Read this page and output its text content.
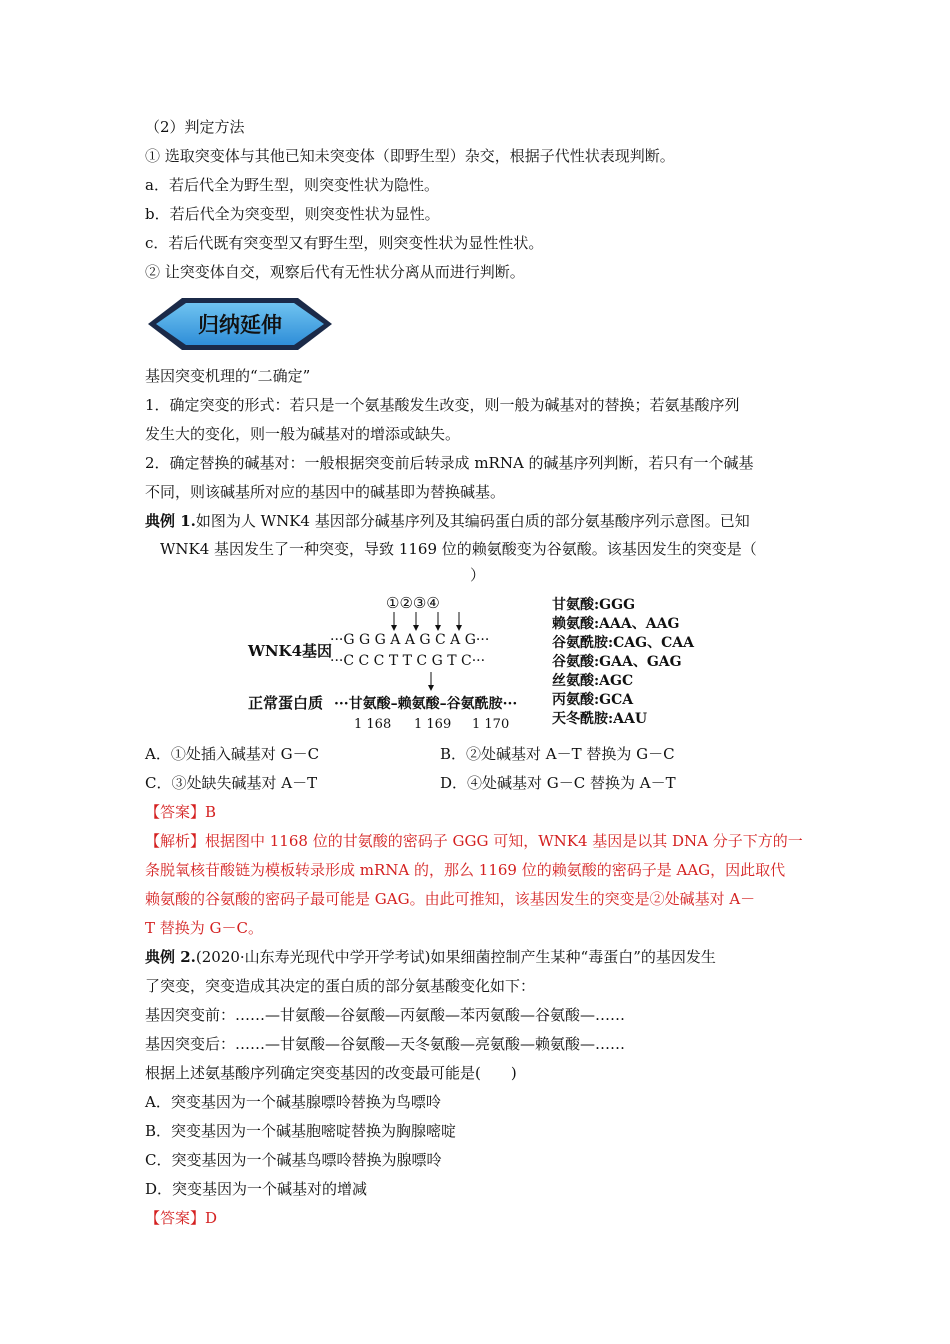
（2）判定方法
① 选取突变体与其他已知未突变体（即野生型）杂交，根据子代性状表现判断。
a．若后代全为野生型，则突变性状为隐性。
b．若后代全为突变型，则突变性状为显性。
c．若后代既有突变型又有野生型，则突变性状为显性性状。
② 让突变体自交，观察后代有无性状分离从而进行判断。
归纳延伸
基因突变机理的“二确定”
1．确定突变的形式：若只是一个氨基酸发生改变，则一般为碱基对的替换；若氨基酸序列
发生大的变化，则一般为碱基对的增添或缺失。
2．确定替换的碱基对：一般根据突变前后转录成 mRNA 的碱基序列判断，若只有一个碱基
不同，则该碱基所对应的基因中的碱基即为替换碱基。
典例 1.如图为人 WNK4 基因部分碱基序列及其编码蛋白质的部分氨基酸序列示意图。已知
WNK4 基因发生了一种突变，导致 1169 位的赖氨酸变为谷氨酸。该基因发生的突变是（
）
①②③④
WNK4基因
···G G G A A G C A G···
···C C C T T C G T C···
正常蛋白质 ···甘氨酸–赖氨酸–谷氨酰胺···
1 168 1 169 1 170
甘氨酸:GGG
赖氨酸:AAA、AAG
谷氨酰胺:CAG、CAA
谷氨酸:GAA、GAG
丝氨酸:AGC
丙氨酸:GCA
天冬酰胺:AAU
A．①处插入碱基对 G－C	B．②处碱基对 A－T 替换为 G－C
C．③处缺失碱基对 A－T	D．④处碱基对 G－C 替换为 A－T
【答案】B
【解析】根据图中 1168 位的甘氨酸的密码子 GGG 可知，WNK4 基因是以其 DNA 分子下方的一
条脱氧核苷酸链为模板转录形成 mRNA 的，那么 1169 位的赖氨酸的密码子是 AAG，因此取代
赖氨酸的谷氨酸的密码子最可能是 GAG。由此可推知，该基因发生的突变是②处碱基对 A－
T 替换为 G－C。
典例 2.(2020·山东寿光现代中学开学考试)如果细菌控制产生某种“毒蛋白”的基因发生
了突变，突变造成其决定的蛋白质的部分氨基酸变化如下：
基因突变前：……—甘氨酸—谷氨酸—丙氨酸—苯丙氨酸—谷氨酸—……
基因突变后：……—甘氨酸—谷氨酸—天冬氨酸—亮氨酸—赖氨酸—……
根据上述氨基酸序列确定突变基因的改变最可能是(　　)
A．突变基因为一个碱基腺嘌呤替换为鸟嘌呤
B．突变基因为一个碱基胞嘧啶替换为胸腺嘧啶
C．突变基因为一个碱基鸟嘌呤替换为腺嘌呤
D．突变基因为一个碱基对的增减
【答案】D
